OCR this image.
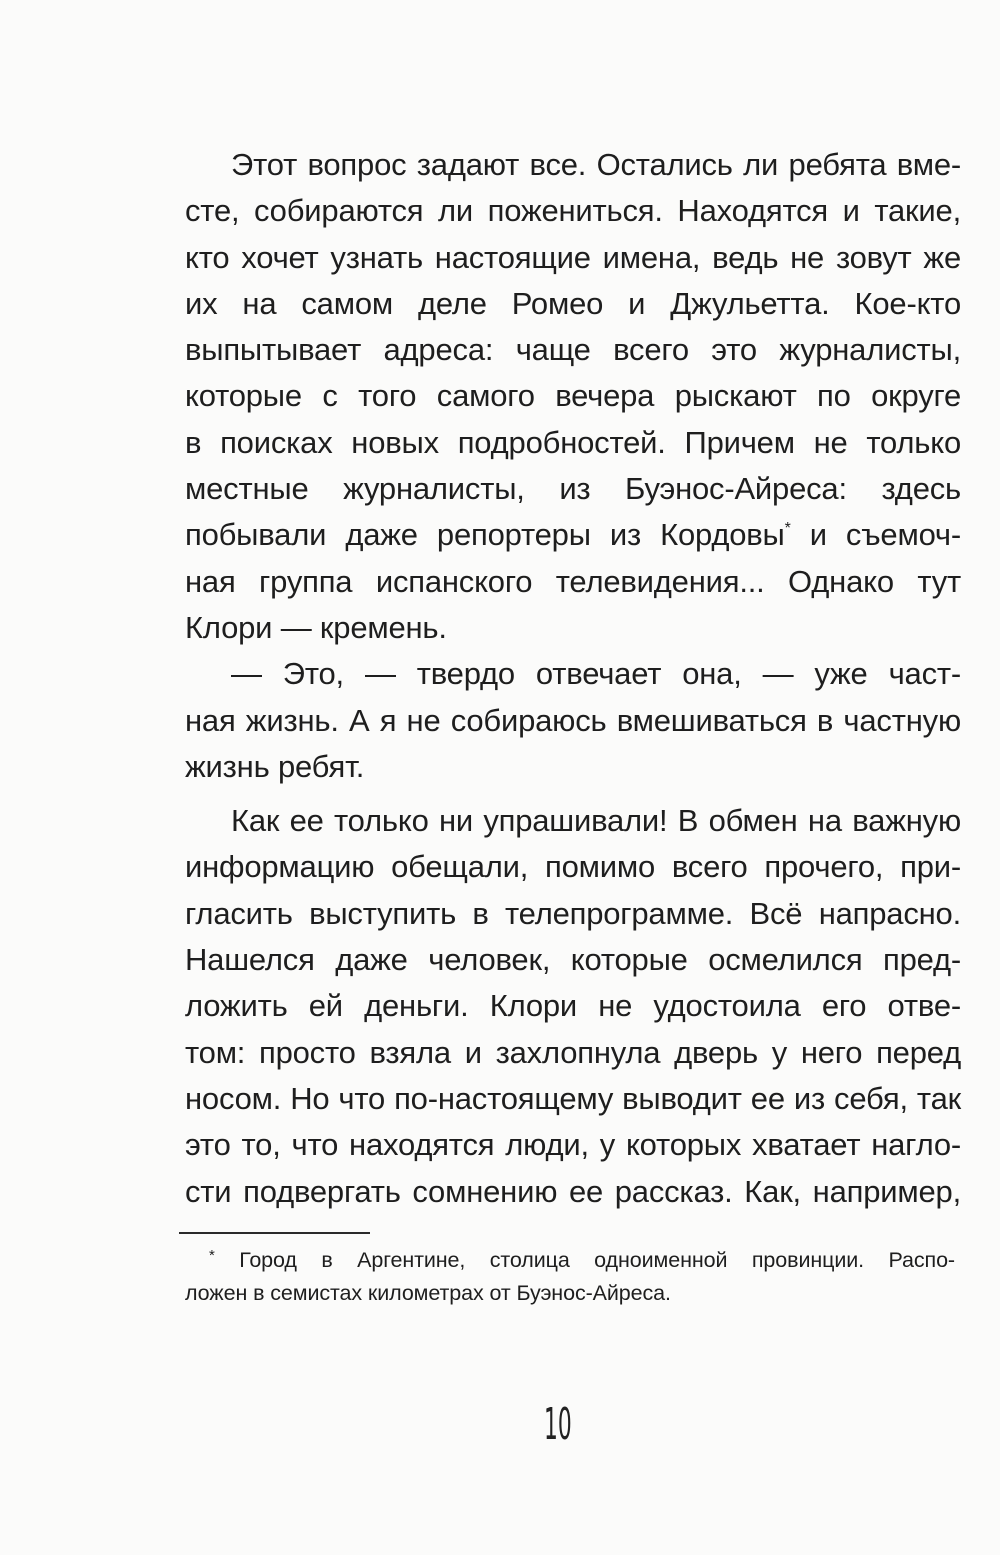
Этот вопрос задают все. Остались ли ребята вме-
сте, собираются ли пожениться. Находятся и такие,
кто хочет узнать настоящие имена, ведь не зовут же
их на самом деле Ромео и Джульетта. Кое-кто
выпытывает адреса: чаще всего это журналисты,
которые с того самого вечера рыскают по округе
в поисках новых подробностей. Причем не только
местные журналисты, из Буэнос-Айреса: здесь
побывали даже репортеры из Кордовы* и съемоч-
ная группа испанского телевидения... Однако тут
Клори — кремень.
— Это, — твердо отвечает она, — уже част-
ная жизнь. А я не собираюсь вмешиваться в частную
жизнь ребят.
Как ее только ни упрашивали! В обмен на важную
информацию обещали, помимо всего прочего, при-
гласить выступить в телепрограмме. Всё напрасно.
Нашелся даже человек, которые осмелился пред-
ложить ей деньги. Клори не удостоила его отве-
том: просто взяла и захлопнула дверь у него перед
носом. Но что по-настоящему выводит ее из себя, так
это то, что находятся люди, у которых хватает нагло-
сти подвергать сомнению ее рассказ. Как, например,
* Город в Аргентине, столица одноименной провинции. Распо-
ложен в семистах километрах от Буэнос-Айреса.
10
